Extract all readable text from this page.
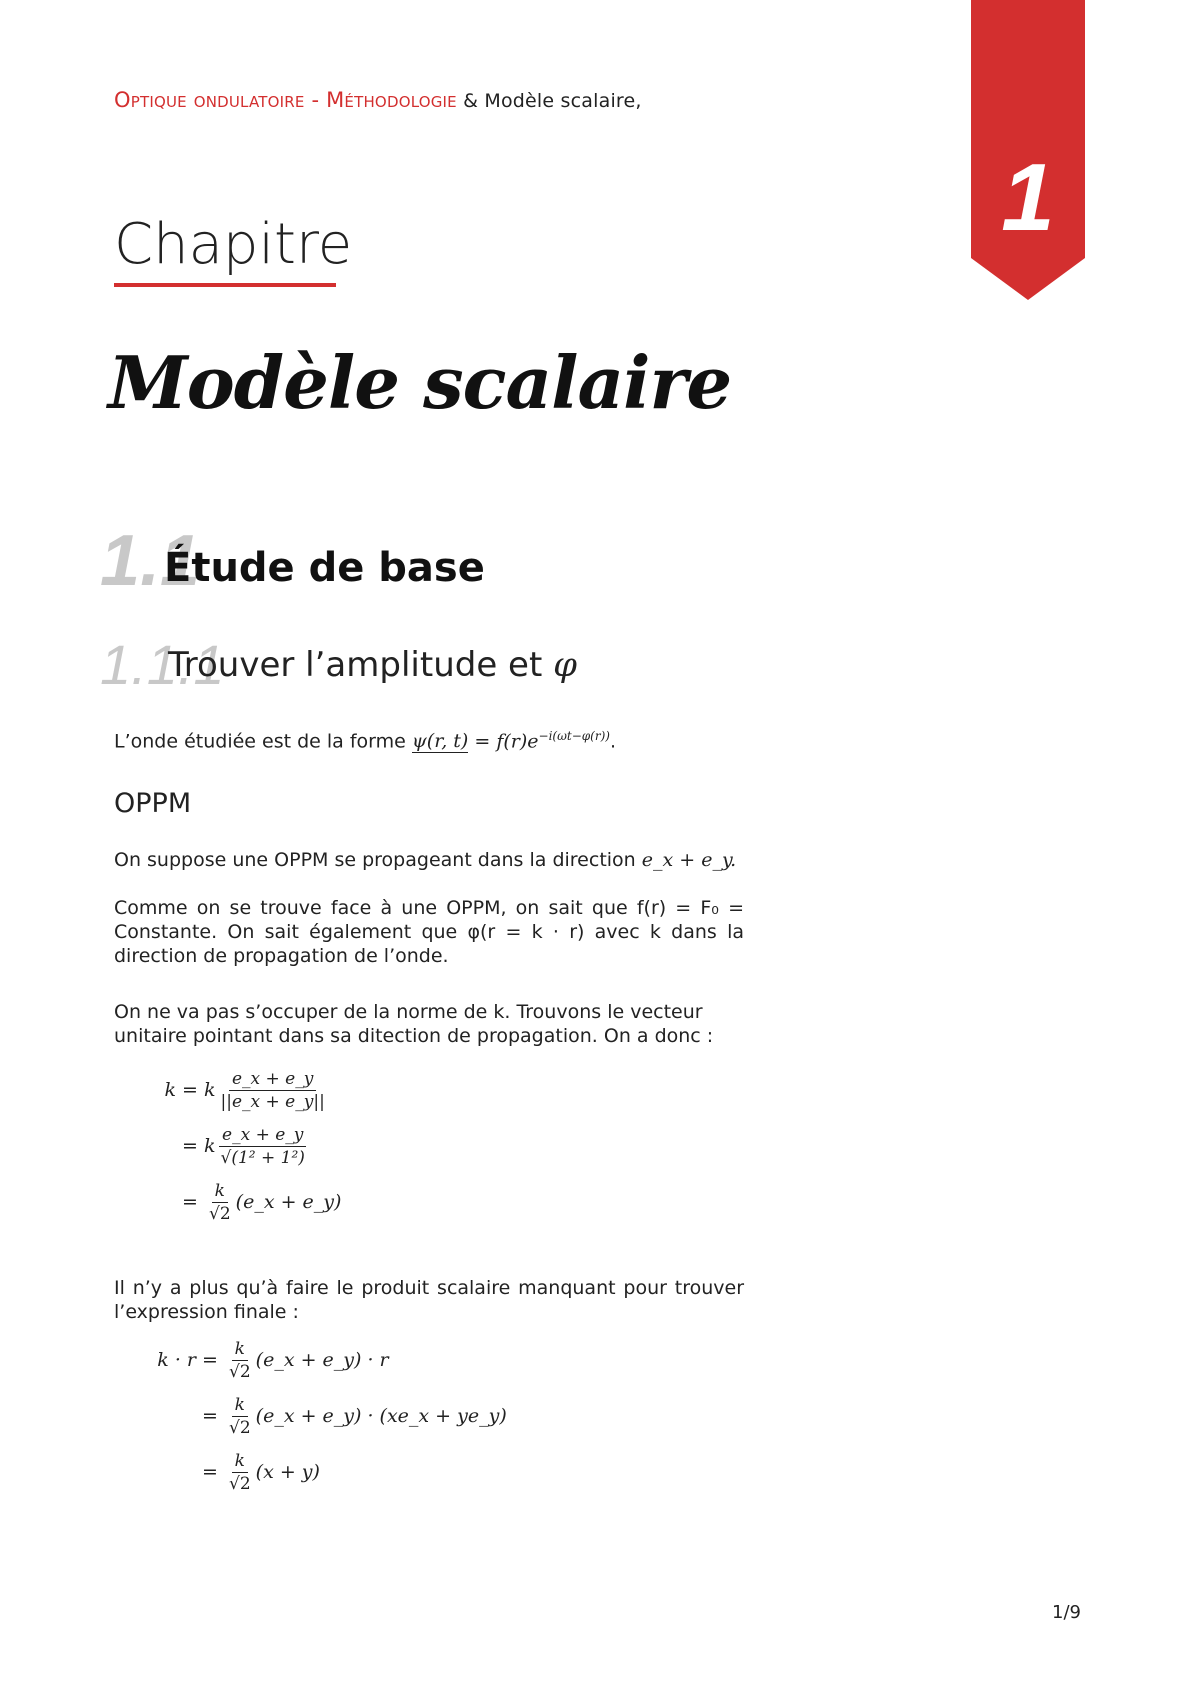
Optique ondulatoire - Méthodologie & Modèle scalaire,
1
Chapitre
Modèle scalaire
1.1
Étude de base
1.1.1
Trouver l’amplitude et φ
L’onde étudiée est de la forme ψ(r, $t) = f(r)e^{-i(\omega t-\varphi(r))}$.
OPPM
On suppose une OPPM se propageant dans la direction e_x + e_y.
Comme on se trouve face à une OPPM, on sait que f(r) = F₀ = Constante. On sait également que φ(r = k · r) avec k dans la direction de propagation de l’onde.
On ne va pas s’occuper de la norme de k. Trouvons le vecteur unitaire pointant dans sa ditection de propagation. On a donc :
k = k $\frac{e\_x + e\_y}{||e\_x + e\_y||}$
= k $\frac{e\_x + e\_y}{\text{√(1² + 1²)}}$
= $\frac{k}{√2}$ (e_x + e_y)
Il n’y a plus qu’à faire le produit scalaire manquant pour trouver l’expression finale :
$k \cdot r = \frac{k}{√2}$ (e_x + e_y) · r
= $\frac{k}{√2}$ (e_x + e_y) · (xe_x + ye_y)
= $\frac{k}{√2} (x + y)$
1/9
